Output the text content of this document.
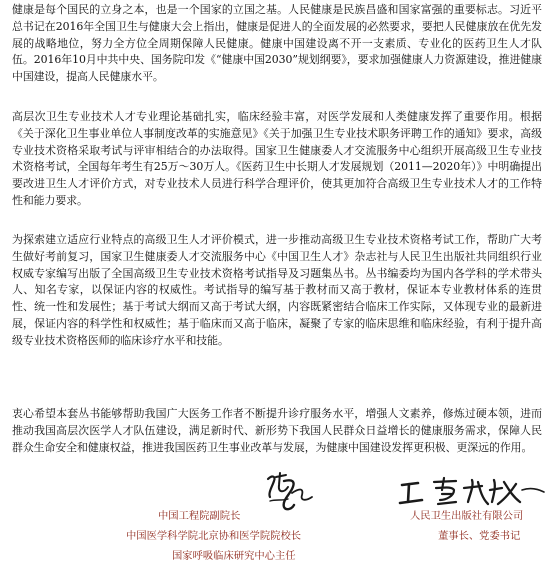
健康是每个国民的立身之本，也是一个国家的立国之基。人民健康是民族昌盛和国家富强的重要标志。习近平总书记在2016年全国卫生与健康大会上指出，健康是促进人的全面发展的必然要求，要把人民健康放在优先发展的战略地位，努力全方位全周期保障人民健康。健康中国建设离不开一支素质、专业化的医药卫生人才队伍。2016年10月中共中央、国务院印发《“健康中国2030”规划纲要》，要求加强健康人力资源建设，推进健康中国建设，提高人民健康水平。

高层次卫生专业技术人才专业理论基础扎实，临床经验丰富，对医学发展和人类健康发挥了重要作用。根据《关于深化卫生事业单位人事制度改革的实施意见》《关于加强卫生专业技术职务评聘工作的通知》要求，高级专业技术资格采取考试与评审相结合的办法取得。国家卫生健康委人才交流服务中心组织开展高级卫生专业技术资格考试，全国每年考生有25万～30万人。《医药卫生中长期人才发展规划（2011—2020年）》中明确提出要改进卫生人才评价方式，对专业技术人员进行科学合理评价，使其更加符合高级卫生专业技术人才的工作特性和能力要求。

为探索建立适应行业特点的高级卫生人才评价模式，进一步推动高级卫生专业技术资格考试工作，帮助广大考生做好考前复习，国家卫生健康委人才交流服务中心《中国卫生人才》杂志社与人民卫生出版社共同组织行业权威专家编写出版了全国高级卫生专业技术资格考试指导及习题集丛书。丛书编委均为国内各学科的学术带头人、知名专家，以保证内容的权威性。考试指导的编写基于教材而又高于教材，保证本专业教材体系的连贯性、统一性和发展性；基于考试大纲而又高于考试大纲，内容既紧密结合临床工作实际，又体现专业的最新进展，保证内容的科学性和权威性；基于临床而又高于临床，凝聚了专家的临床思维和临床经验，有利于提升高级专业技术资格医师的临床诊疗水平和技能。

衷心希望本套丛书能够帮助我国广大医务工作者不断提升诊疗服务水平，增强人文素养，修炼过硬本领，进而推动我国高层次医学人才队伍建设，满足新时代、新形势下我国人民群众日益增长的健康服务需求，保障人民群众生命安全和健康权益，推进我国医药卫生事业改革与发展，为健康中国建设发挥更积极、更深远的作用。

中国工程院副院长

中国医学科学院北京协和医学院院校长

国家呼吸临床研究中心主任

人民卫生出版社有限公司

董事长、党委书记
